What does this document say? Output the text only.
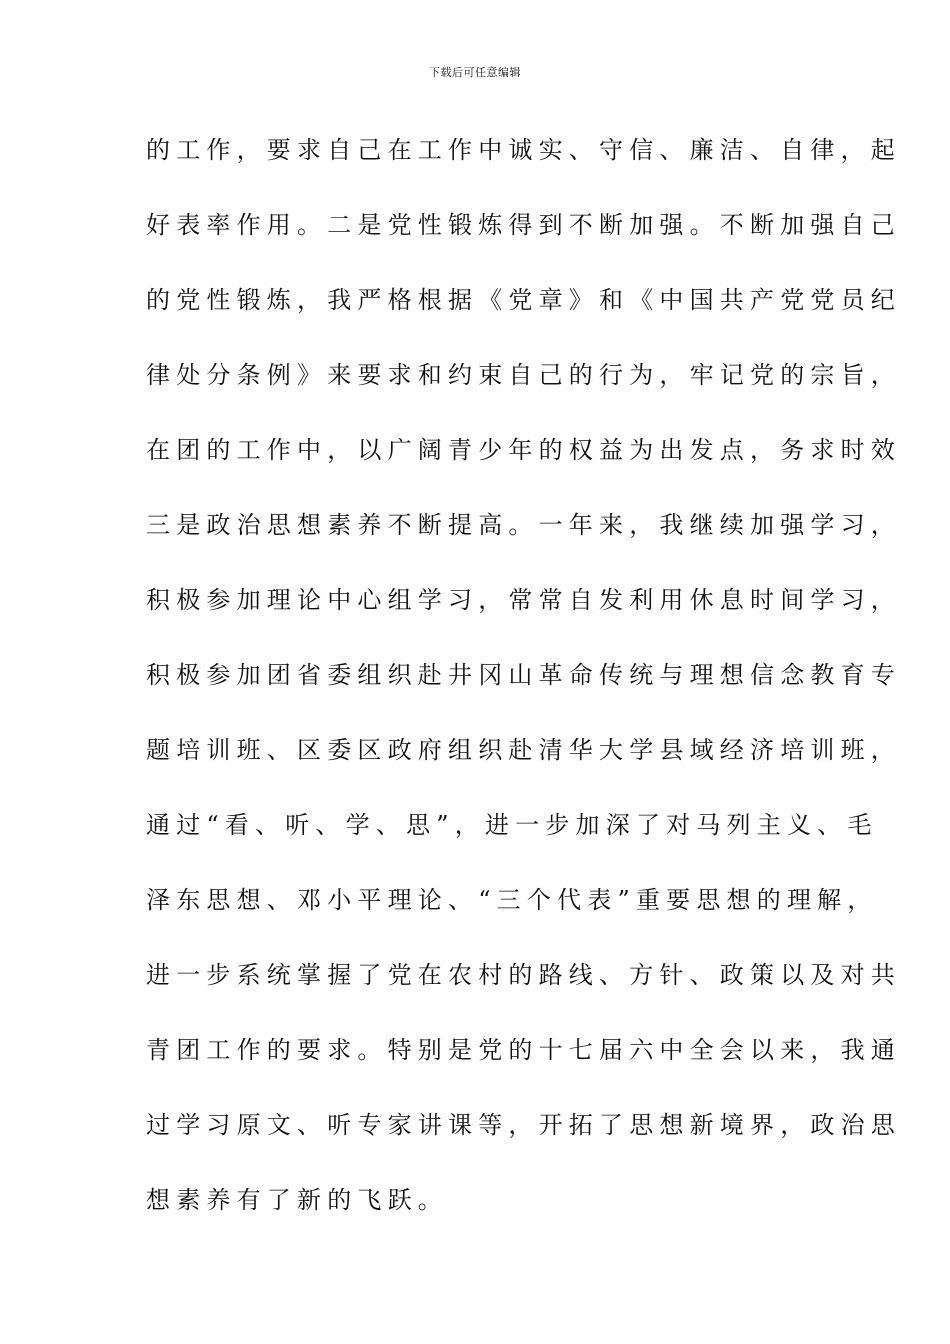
下载后可任意编辑
的工作，要求自己在工作中诚实、守信、廉洁、自律，起
好表率作用。二是党性锻炼得到不断加强。不断加强自己
的党性锻炼，我严格根据《党章》和《中国共产党党员纪
律处分条例》来要求和约束自己的行为，牢记党的宗旨，
在团的工作中，以广阔青少年的权益为出发点，务求时效
三是政治思想素养不断提高。一年来，我继续加强学习，
积极参加理论中心组学习，常常自发利用休息时间学习，
积极参加团省委组织赴井冈山革命传统与理想信念教育专
题培训班、区委区政府组织赴清华大学县域经济培训班，
通过“看、听、学、思”，进一步加深了对马列主义、毛
泽东思想、邓小平理论、“三个代表”重要思想的理解，
进一步系统掌握了党在农村的路线、方针、政策以及对共
青团工作的要求。特别是党的十七届六中全会以来，我通
过学习原文、听专家讲课等，开拓了思想新境界，政治思
想素养有了新的飞跃。
